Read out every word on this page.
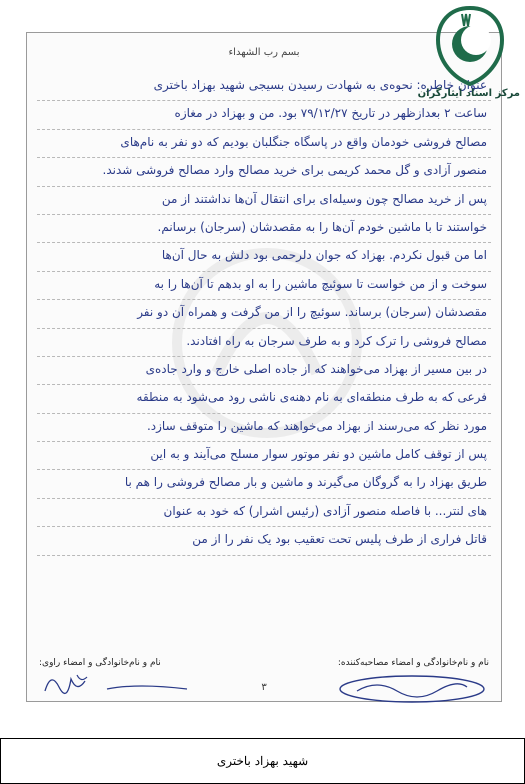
بسم رب الشهداء
عنوان خاطره: نحوه‌ی به شهادت رسیدن بسیجی شهید بهزاد باختری
ساعت ۲ بعدازظهر در تاریخ ۷۹/۱۲/۲۷ بود. من و بهزاد در مغازه
مصالح فروشی خودمان واقع در پاسگاه جنگلبان بودیم که دو نفر به نام‌های
منصور آزادی و گل محمد کریمی برای خرید مصالح وارد مصالح فروشی شدند.
پس از خرید مصالح چون وسیله‌ای برای انتقال آن‌ها نداشتند از من
خواستند تا با ماشین خودم آن‌ها را به مقصدشان (سرجان) برسانم.
اما من قبول نکردم. بهزاد که جوان دلرحمی بود دلش به حال آن‌ها
سوخت و از من خواست تا سوئیچ ماشین را به او بدهم تا آن‌ها را به
مقصدشان (سرجان) برساند. سوئیچ را از من گرفت و همراه آن دو نفر
مصالح فروشی را ترک کرد و به طرف سرجان به راه افتادند.
در بین مسیر از بهزاد می‌خواهند که از جاده اصلی خارج و وارد جاده‌ی
فرعی که به طرف منطقه‌ای به نام دهنه‌ی ناشی رود می‌شود به منطقه
مورد نظر که می‌رسند از بهزاد می‌خواهند که ماشین را متوقف سازد.
پس از توقف کامل ماشین دو نفر موتور سوار مسلح می‌آیند و به این
طریق بهزاد را به گروگان می‌گیرند و ماشین و بار مصالح فروشی را هم با
های لنتر... با فاصله منصور آزادی (رئیس اشرار) که خود به عنوان
قاتل فراری از طرف پلیس تحت تعقیب بود یک نفر را از من
نام و نام‌خانوادگی و امضاء مصاحبه‌کننده:
نام و نام‌خانوادگی و امضاء راوی:
۳
مرکز اسناد ایثارگران
شهید بهزاد باختری
